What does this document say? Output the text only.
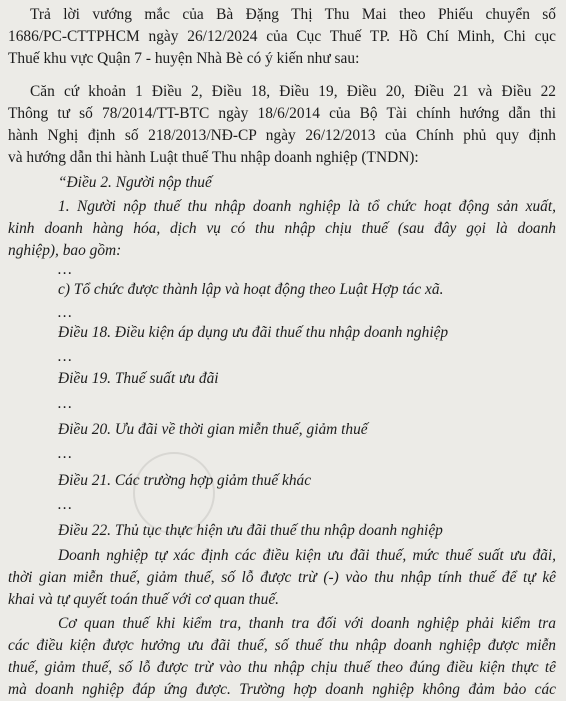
Trả lời vướng mắc của Bà Đặng Thị Thu Mai theo Phiếu chuyển số
1686/PC-CTTPHCM ngày 26/12/2024 của Cục Thuế TP. Hồ Chí Minh, Chi cục
Thuế khu vực Quận 7 - huyện Nhà Bè có ý kiến như sau:
Căn cứ khoản 1 Điều 2, Điều 18, Điều 19, Điều 20, Điều 21 và Điều 22
Thông tư số 78/2014/TT-BTC ngày 18/6/2014 của Bộ Tài chính hướng dẫn thi
hành Nghị định số 218/2013/NĐ-CP ngày 26/12/2013 của Chính phủ quy định
và hướng dẫn thi hành Luật thuế Thu nhập doanh nghiệp (TNDN):
“Điều 2. Người nộp thuế
1. Người nộp thuế thu nhập doanh nghiệp là tổ chức hoạt động sản xuất,
kinh doanh hàng hóa, dịch vụ có thu nhập chịu thuế (sau đây gọi là doanh
nghiệp), bao gồm:
…
c) Tổ chức được thành lập và hoạt động theo Luật Hợp tác xã.
…
Điều 18. Điều kiện áp dụng ưu đãi thuế thu nhập doanh nghiệp
…
Điều 19. Thuế suất ưu đãi
…
Điều 20. Ưu đãi về thời gian miễn thuế, giảm thuế
…
Điều 21. Các trường hợp giảm thuế khác
…
Điều 22. Thủ tục thực hiện ưu đãi thuế thu nhập doanh nghiệp
Doanh nghiệp tự xác định các điều kiện ưu đãi thuế, mức thuế suất ưu đãi,
thời gian miễn thuế, giảm thuế, số lỗ được trừ (-) vào thu nhập tính thuế để tự kê
khai và tự quyết toán thuế với cơ quan thuế.
Cơ quan thuế khi kiểm tra, thanh tra đối với doanh nghiệp phải kiểm tra
các điều kiện được hưởng ưu đãi thuế, số thuế thu nhập doanh nghiệp được miễn
thuế, giảm thuế, số lỗ được trừ vào thu nhập chịu thuế theo đúng điều kiện thực tế
mà doanh nghiệp đáp ứng được. Trường hợp doanh nghiệp không đảm bảo các
